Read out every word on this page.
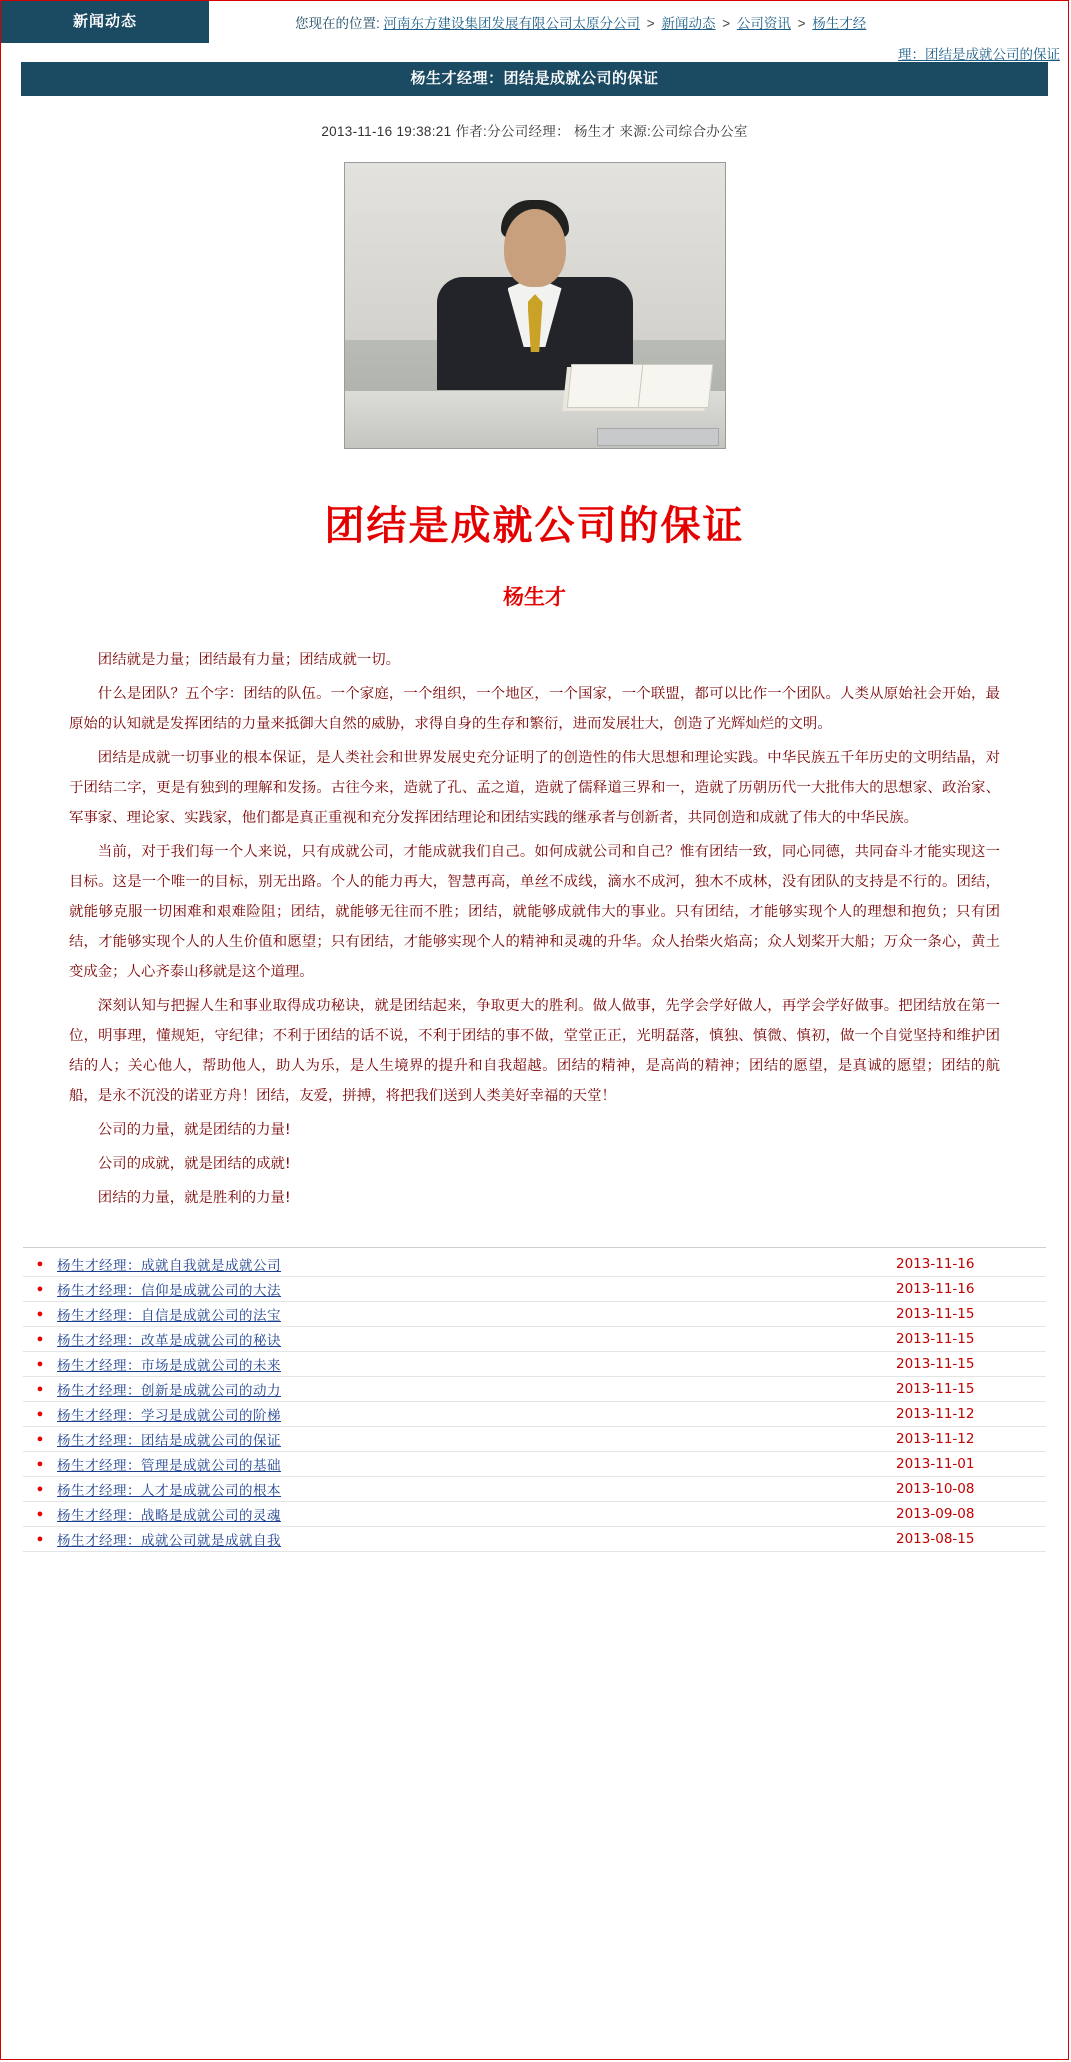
新闻动态	您现在的位置: 河南东方建设集团发展有限公司太原分公司 > 新闻动态 > 公司资讯 > 杨生才经
理：团结是成就公司的保证
杨生才经理：团结是成就公司的保证
2013-11-16 19:38:21 作者:分公司经理： 杨生才 来源:公司综合办公室
团结是成就公司的保证
杨生才

团结就是力量；团结最有力量；团结成就一切。

什么是团队？五个字：团结的队伍。一个家庭，一个组织，一个地区，一个国家，一个联盟，都可以比作一个团队。人类从原始社会开始，最原始的认知就是发挥团结的力量来抵御大自然的威胁，求得自身的生存和繁衍，进而发展壮大，创造了光辉灿烂的文明。

团结是成就一切事业的根本保证，是人类社会和世界发展史充分证明了的创造性的伟大思想和理论实践。中华民族五千年历史的文明结晶，对于团结二字，更是有独到的理解和发扬。古往今来，造就了孔、孟之道，造就了儒释道三界和一，造就了历朝历代一大批伟大的思想家、政治家、军事家、理论家、实践家，他们都是真正重视和充分发挥团结理论和团结实践的继承者与创新者，共同创造和成就了伟大的中华民族。

当前，对于我们每一个人来说，只有成就公司，才能成就我们自己。如何成就公司和自己？惟有团结一致，同心同德，共同奋斗才能实现这一目标。这是一个唯一的目标，别无出路。个人的能力再大，智慧再高，单丝不成线，滴水不成河，独木不成林，没有团队的支持是不行的。团结，就能够克服一切困难和艰难险阻；团结，就能够无往而不胜；团结，就能够成就伟大的事业。只有团结，才能够实现个人的理想和抱负；只有团结，才能够实现个人的人生价值和愿望；只有团结，才能够实现个人的精神和灵魂的升华。众人抬柴火焰高；众人划桨开大船；万众一条心，黄土变成金；人心齐泰山移就是这个道理。

深刻认知与把握人生和事业取得成功秘诀，就是团结起来，争取更大的胜利。做人做事，先学会学好做人，再学会学好做事。把团结放在第一位，明事理，懂规矩，守纪律；不利于团结的话不说，不利于团结的事不做，堂堂正正，光明磊落，慎独、慎微、慎初，做一个自觉坚持和维护团结的人；关心他人，帮助他人，助人为乐，是人生境界的提升和自我超越。团结的精神，是高尚的精神；团结的愿望，是真诚的愿望；团结的航船，是永不沉没的诺亚方舟！团结，友爱，拼搏，将把我们送到人类美好幸福的天堂！

公司的力量，就是团结的力量!

公司的成就，就是团结的成就!

团结的力量，就是胜利的力量!

●	杨生才经理：成就自我就是成就公司	2013-11-16
●	杨生才经理：信仰是成就公司的大法	2013-11-16
●	杨生才经理：自信是成就公司的法宝	2013-11-15
●	杨生才经理：改革是成就公司的秘诀	2013-11-15
●	杨生才经理：市场是成就公司的未来	2013-11-15
●	杨生才经理：创新是成就公司的动力	2013-11-15
●	杨生才经理：学习是成就公司的阶梯	2013-11-12
●	杨生才经理：团结是成就公司的保证	2013-11-12
●	杨生才经理：管理是成就公司的基础	2013-11-01
●	杨生才经理：人才是成就公司的根本	2013-10-08
●	杨生才经理：战略是成就公司的灵魂	2013-09-08
●	杨生才经理：成就公司就是成就自我	2013-08-15
